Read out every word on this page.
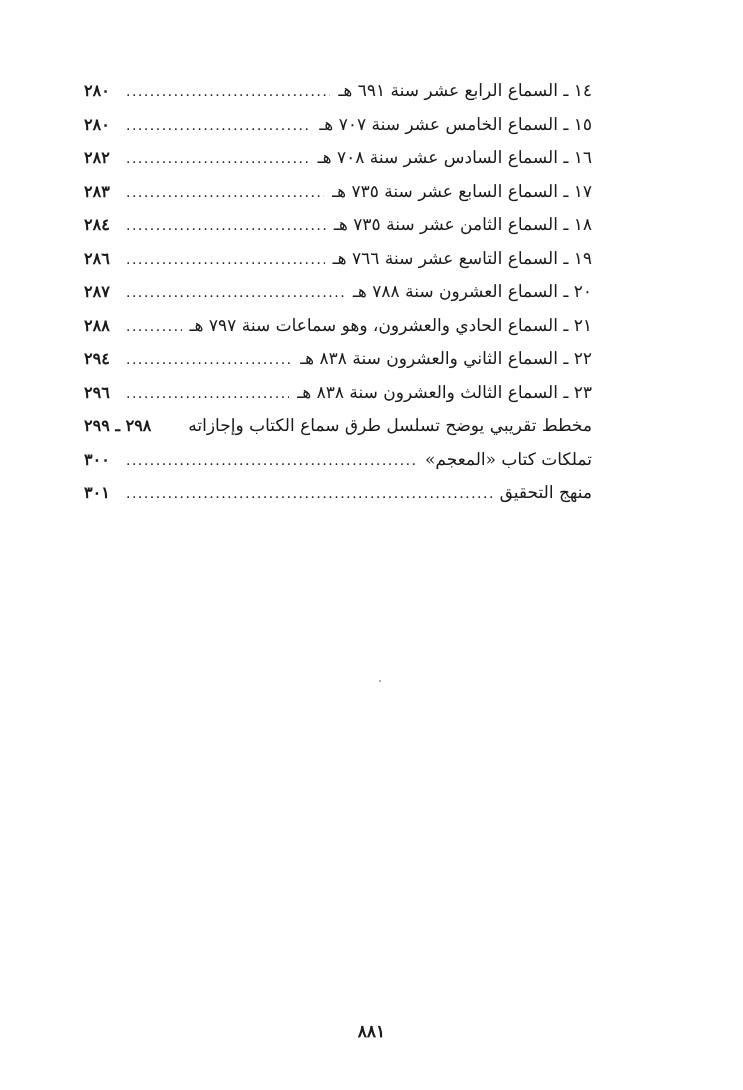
١٤ ـ السماع الرابع عشر سنة ٦٩١ هـ
.....
٢٨٠
١٥ ـ السماع الخامس عشر سنة ٧٠٧ هـ
.....
٢٨٠
١٦ ـ السماع السادس عشر سنة ٧٠٨ هـ
.....
٢٨٢
١٧ ـ السماع السابع عشر سنة ٧٣٥ هـ
.....
٢٨٣
١٨ ـ السماع الثامن عشر سنة ٧٣٥ هـ
.....
٢٨٤
١٩ ـ السماع التاسع عشر سنة ٧٦٦ هـ
.....
٢٨٦
٢٠ ـ السماع العشرون سنة ٧٨٨ هـ
.....
٢٨٧
٢١ ـ السماع الحادي والعشرون، وهو سماعات سنة ٧٩٧ هـ
.....
٢٨٨
٢٢ ـ السماع الثاني والعشرون سنة ٨٣٨ هـ
.....
٢٩٤
٢٣ ـ السماع الثالث والعشرون سنة ٨٣٨ هـ
.....
٢٩٦
مخطط تقريبي يوضح تسلسل طرق سماع الكتاب وإجازاته
٢٩٨ ـ ٢٩٩
تملكات كتاب «المعجم»
.....
٣٠٠
منهج التحقيق
.....
٣٠١
٨٨١
